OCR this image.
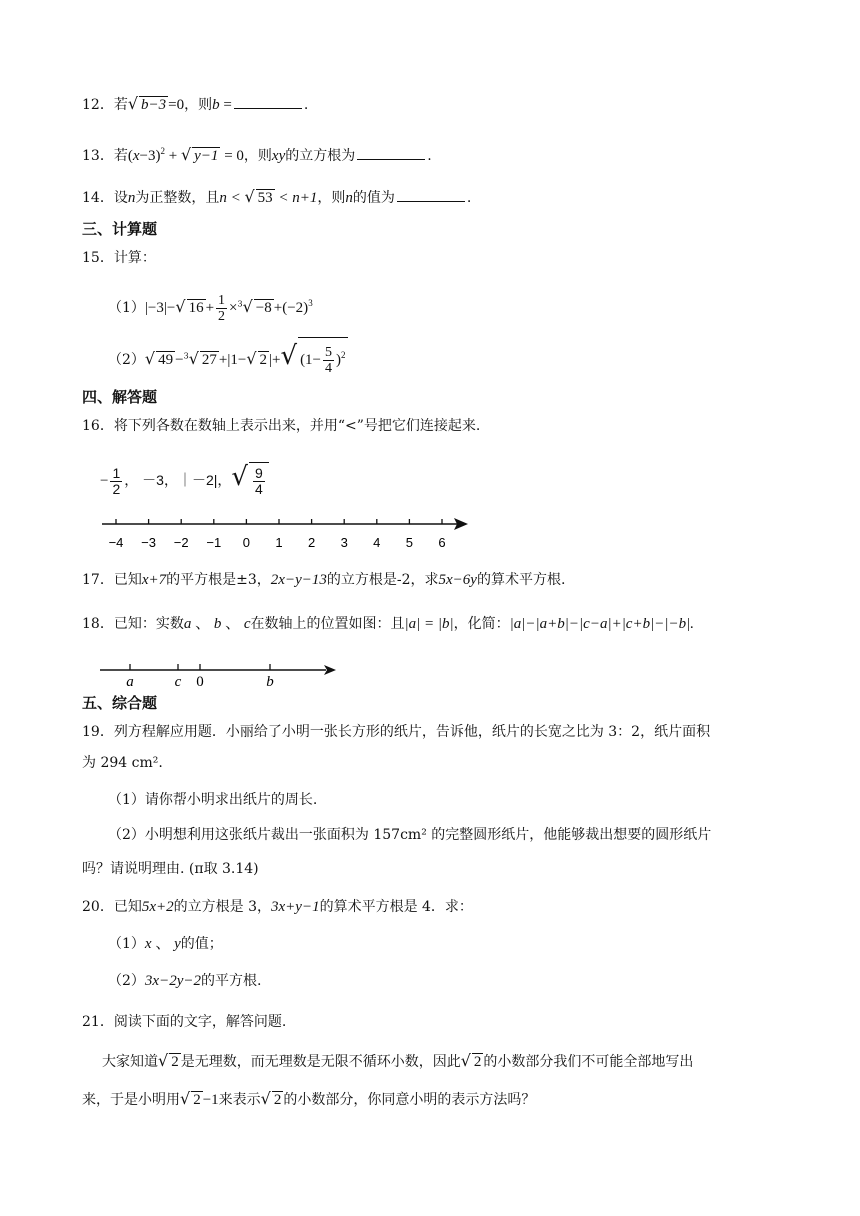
12．若√ b−3 =0，则b =	.
13．若$(x-3)^2$ + √ y−1 = 0，则xy的立方根为	.
14．设n为正整数，且n < √ 53 < n+1，则n的值为	.
三、计算题
15．计算：
（1）|−3|−√ $16 + \frac{1}{2} \times^3√ -8 +(-2)^3$
（2）√ 49 −$^3$√ 27 +|1−√ 2 |+√ $(1- \frac{5}{4} )^2$
四、解答题
16．将下列各数在数轴上表示出来，并用“<”号把它们连接起来.
− $\frac{1}{2}$ ， －3，｜－2|，√ $\frac{9}{4}$
−4 −3 −2 −1 0 1 2 3 4 5 6
17．已知x+7的平方根是±3，2x−y−13的立方根是-2，求5x−6y的算术平方根.
18．已知：实数a 、 b 、 c在数轴上的位置如图：且|a| = |b|，化简：|a|−|a+b|−|c−a|+|c+b|−|−b|.
a	c 0	b
五、综合题
19．列方程解应用题．小丽给了小明一张长方形的纸片，告诉他，纸片的长宽之比为 3：2，纸片面积
为 294 cm².
（1）请你帮小明求出纸片的周长.
（2）小明想利用这张纸片裁出一张面积为 157cm² 的完整圆形纸片，他能够裁出想要的圆形纸片
吗？请说明理由. (π取 3.14)
20．已知5x+2的立方根是 3，3x+y−1的算术平方根是 4．求：
（1）x 、 y的值；
（2）3x−2y−2的平方根.
21．阅读下面的文字，解答问题.
大家知道√ 2 是无理数，而无理数是无限不循环小数，因此√ 2 的小数部分我们不可能全部地写出
来，于是小明用√ 2 −1来表示√ 2 的小数部分，你同意小明的表示方法吗？
